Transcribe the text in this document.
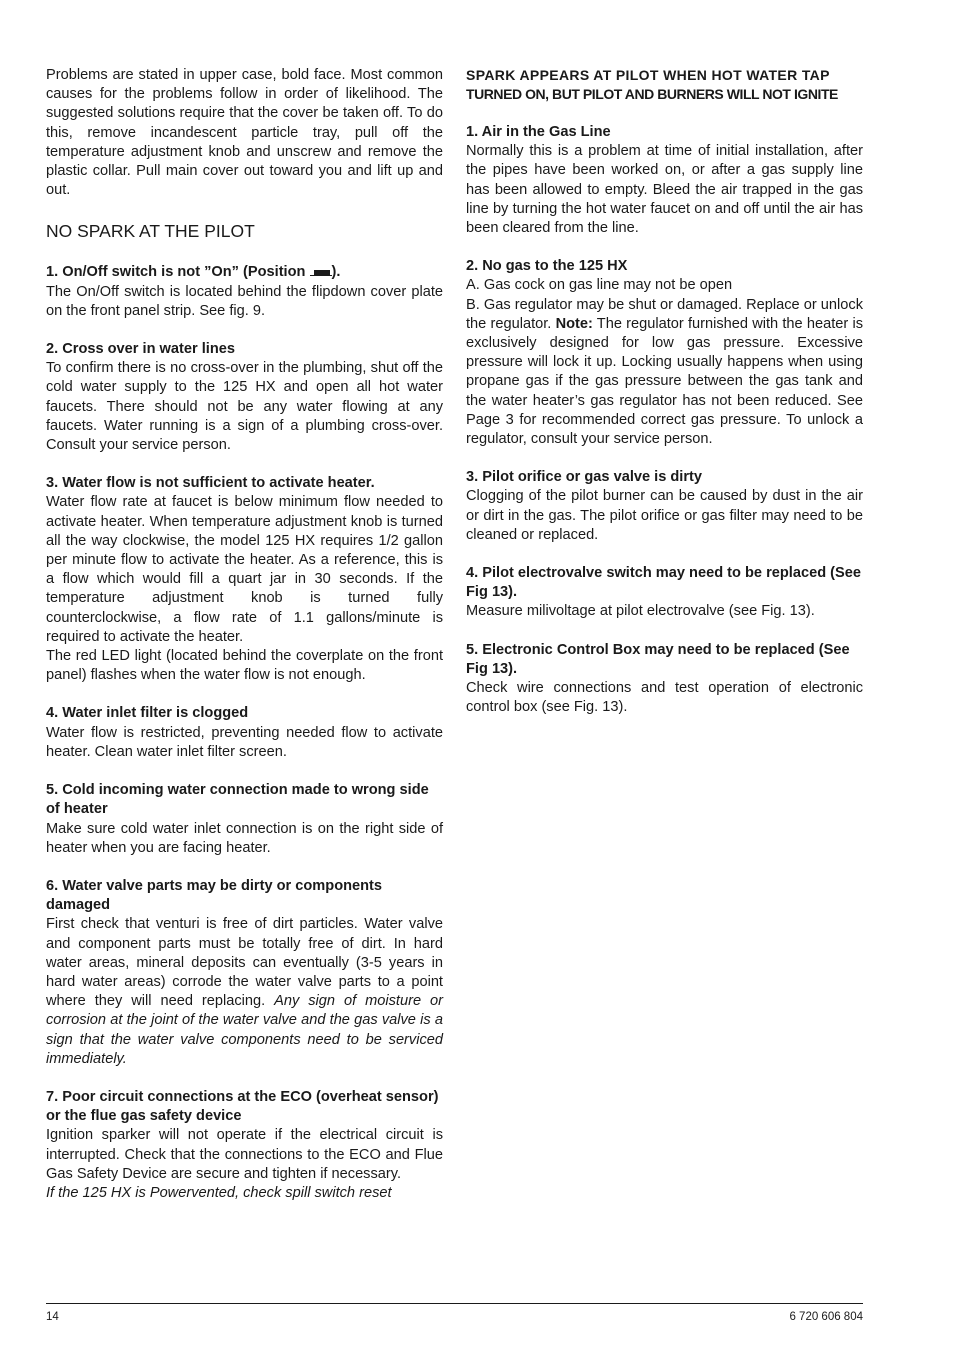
Problems are stated in upper case, bold face. Most common causes for the problems follow in order of likelihood. The suggested solutions require that the cover be taken off. To do this, remove incandescent particle tray, pull off the temperature adjustment knob and unscrew and remove the plastic collar. Pull main cover out toward you and lift up and out.

NO SPARK AT THE PILOT

1. On/Off switch is not ”On” (Position ).

The On/Off switch is located behind the flipdown cover plate on the front panel strip. See fig. 9.

2. Cross over in water lines

To confirm there is no cross-over in the plumbing, shut off the cold water supply to the 125 HX and open all hot water faucets. There should not be any water flowing at any faucets. Water running is a sign of a plumbing cross-over. Consult your service person.

3. Water flow is not sufficient to activate heater.

Water flow rate at faucet is below minimum flow needed to activate heater. When temperature adjustment knob is turned all the way clockwise, the model 125 HX requires 1/2 gallon per minute flow to activate the heater. As a reference, this is a flow which would fill a quart jar in 30 seconds. If the temperature adjustment knob is turned fully counterclockwise, a flow rate of 1.1 gallons/minute is required to activate the heater.

The red LED light (located behind the coverplate on the front panel) flashes when the water flow is not enough.

4. Water inlet filter is clogged

Water flow is restricted, preventing needed flow to activate heater. Clean water inlet filter screen.

5. Cold incoming water connection made to wrong side of heater

Make sure cold water inlet connection is on the right side of heater when you are facing heater.

6. Water valve parts may be dirty or components damaged

First check that venturi is free of dirt particles. Water valve and component parts must be totally free of dirt. In hard water areas, mineral deposits can eventually (3-5 years in hard water areas) corrode the water valve parts to a point where they will need replacing. Any sign of moisture or corrosion at the joint of the water valve and the gas valve is a sign that the water valve components need to be serviced immediately.

7. Poor circuit connections at the ECO (overheat sensor) or the flue gas safety device

Ignition sparker will not operate if the electrical circuit is interrupted. Check that the connections to the ECO and Flue Gas Safety Device are secure and tighten if necessary.

If the 125 HX is Powervented, check spill switch reset

SPARK APPEARS AT PILOT WHEN HOT WATER TAP
TURNED ON, BUT PILOT AND BURNERS WILL NOT IGNITE

1. Air in the Gas Line

Normally this is a problem at time of initial installation, after the pipes have been worked on, or after a gas supply line has been allowed to empty. Bleed the air trapped in the gas line by turning the hot water faucet on and off until the air has been cleared from the line.

2. No gas to the 125 HX

A. Gas cock on gas line may not be open

B. Gas regulator may be shut or damaged. Replace or unlock the regulator. Note: The regulator furnished with the heater is exclusively designed for low gas pressure. Excessive pressure will lock it up. Locking usually happens when using propane gas if the gas pressure between the gas tank and the water heater’s gas regulator has not been reduced. See Page 3 for recommended correct gas pressure. To unlock a regulator, consult your service person.

3. Pilot orifice or gas valve is dirty

Clogging of the pilot burner can be caused by dust in the air or dirt in the gas. The pilot orifice or gas filter may need to be cleaned or replaced.

4. Pilot electrovalve switch may need to be replaced (See Fig 13).

Measure milivoltage at pilot electrovalve (see Fig. 13).

5. Electronic Control Box may need to be replaced (See Fig 13).

Check wire connections and test operation of electronic control box (see Fig. 13).

14	6 720 606 804
